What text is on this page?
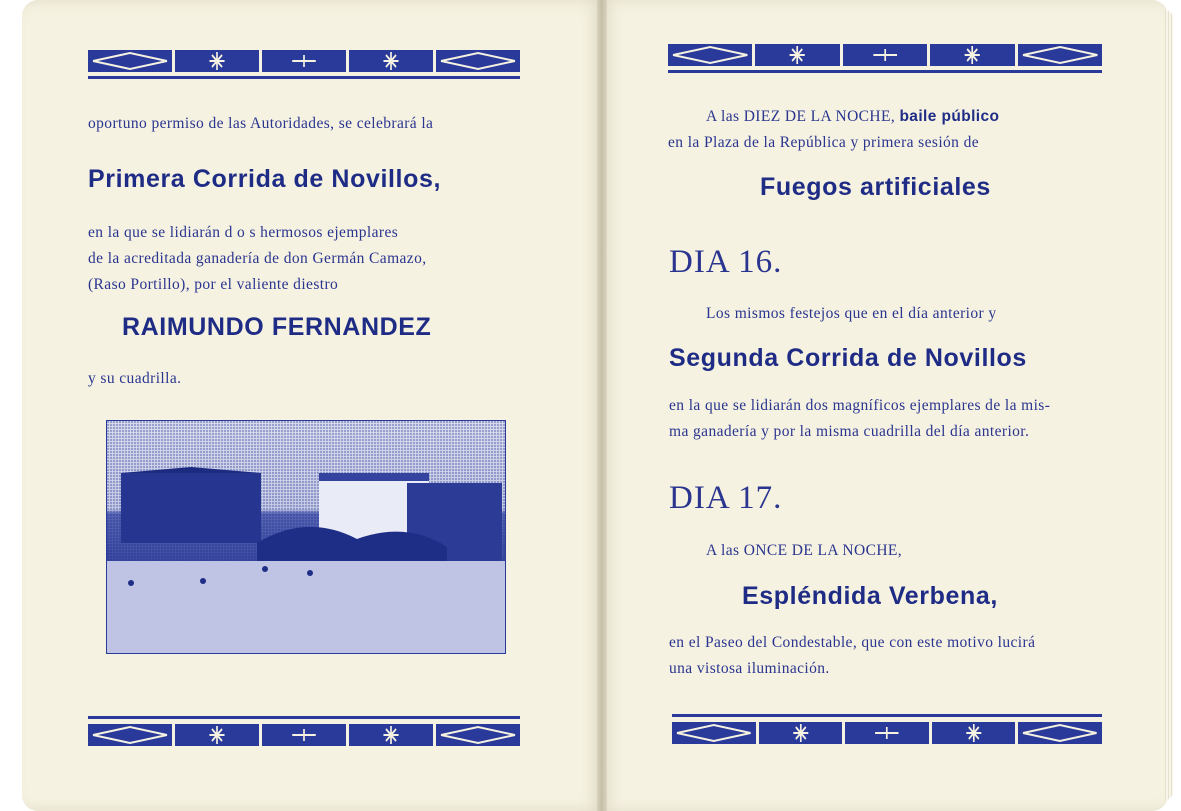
oportuno permiso de las Autoridades, se celebrará la
Primera Corrida de Novillos,
en la que se lidiarán d o s hermosos ejemplares
de la acreditada ganadería de don Germán Camazo,
(Raso Portillo), por el valiente diestro
RAIMUNDO FERNANDEZ
y su cuadrilla.
A las DIEZ DE LA NOCHE, baile público
en la Plaza de la República y primera sesión de
Fuegos artificiales
DIA 16.
Los mismos festejos que en el día anterior y
Segunda Corrida de Novillos
en la que se lidiarán dos magníficos ejemplares de la mis-
ma ganadería y por la misma cuadrilla del día anterior.
DIA 17.
A las ONCE DE LA NOCHE,
Espléndida Verbena,
en el Paseo del Condestable, que con este motivo lucirá
una vistosa iluminación.
